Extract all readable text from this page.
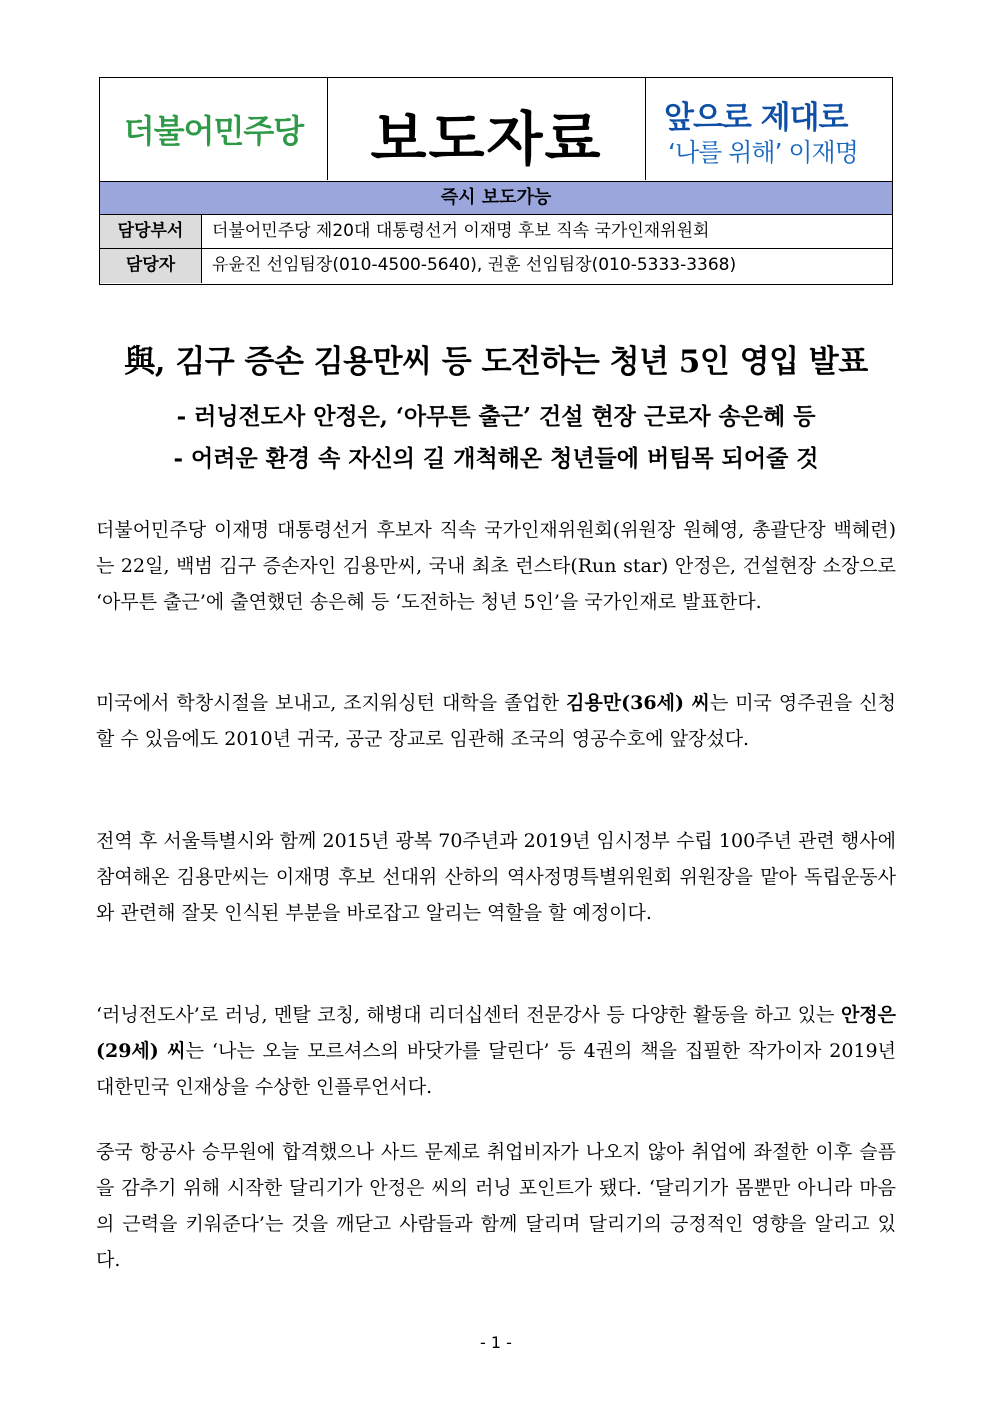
더불어민주당	보도자료	앞으로 제대로
‘나를 위해’ 이재명
즉시 보도가능
담당부서	더불어민주당 제20대 대통령선거 이재명 후보 직속 국가인재위원회
담당자	유윤진 선임팀장(010-4500-5640), 권훈 선임팀장(010-5333-3368)
與, 김구 증손 김용만씨 등 도전하는 청년 5인 영입 발표
- 러닝전도사 안정은, ‘아무튼 출근’ 건설 현장 근로자 송은혜 등
- 어려운 환경 속 자신의 길 개척해온 청년들에 버팀목 되어줄 것
더불어민주당 이재명 대통령선거 후보자 직속 국가인재위원회(위원장 원혜영, 총괄단장 백혜련)는 22일, 백범 김구 증손자인 김용만씨, 국내 최초 런스타(Run star) 안정은, 건설현장 소장으로 ‘아무튼 출근’에 출연했던 송은혜 등 ‘도전하는 청년 5인’을 국가인재로 발표한다.
미국에서 학창시절을 보내고, 조지워싱턴 대학을 졸업한 김용만(36세) 씨는 미국 영주권을 신청할 수 있음에도 2010년 귀국, 공군 장교로 임관해 조국의 영공수호에 앞장섰다.
전역 후 서울특별시와 함께 2015년 광복 70주년과 2019년 임시정부 수립 100주년 관련 행사에 참여해온 김용만씨는 이재명 후보 선대위 산하의 역사정명특별위원회 위원장을 맡아 독립운동사와 관련해 잘못 인식된 부분을 바로잡고 알리는 역할을 할 예정이다.
‘러닝전도사’로 러닝, 멘탈 코칭, 해병대 리더십센터 전문강사 등 다양한 활동을 하고 있는 안정은(29세) 씨는 ‘나는 오늘 모르셔스의 바닷가를 달린다’ 등 4권의 책을 집필한 작가이자 2019년 대한민국 인재상을 수상한 인플루언서다.
중국 항공사 승무원에 합격했으나 사드 문제로 취업비자가 나오지 않아 취업에 좌절한 이후 슬픔을 감추기 위해 시작한 달리기가 안정은 씨의 러닝 포인트가 됐다. ‘달리기가 몸뿐만 아니라 마음의 근력을 키워준다’는 것을 깨닫고 사람들과 함께 달리며 달리기의 긍정적인 영향을 알리고 있다.
- 1 -
